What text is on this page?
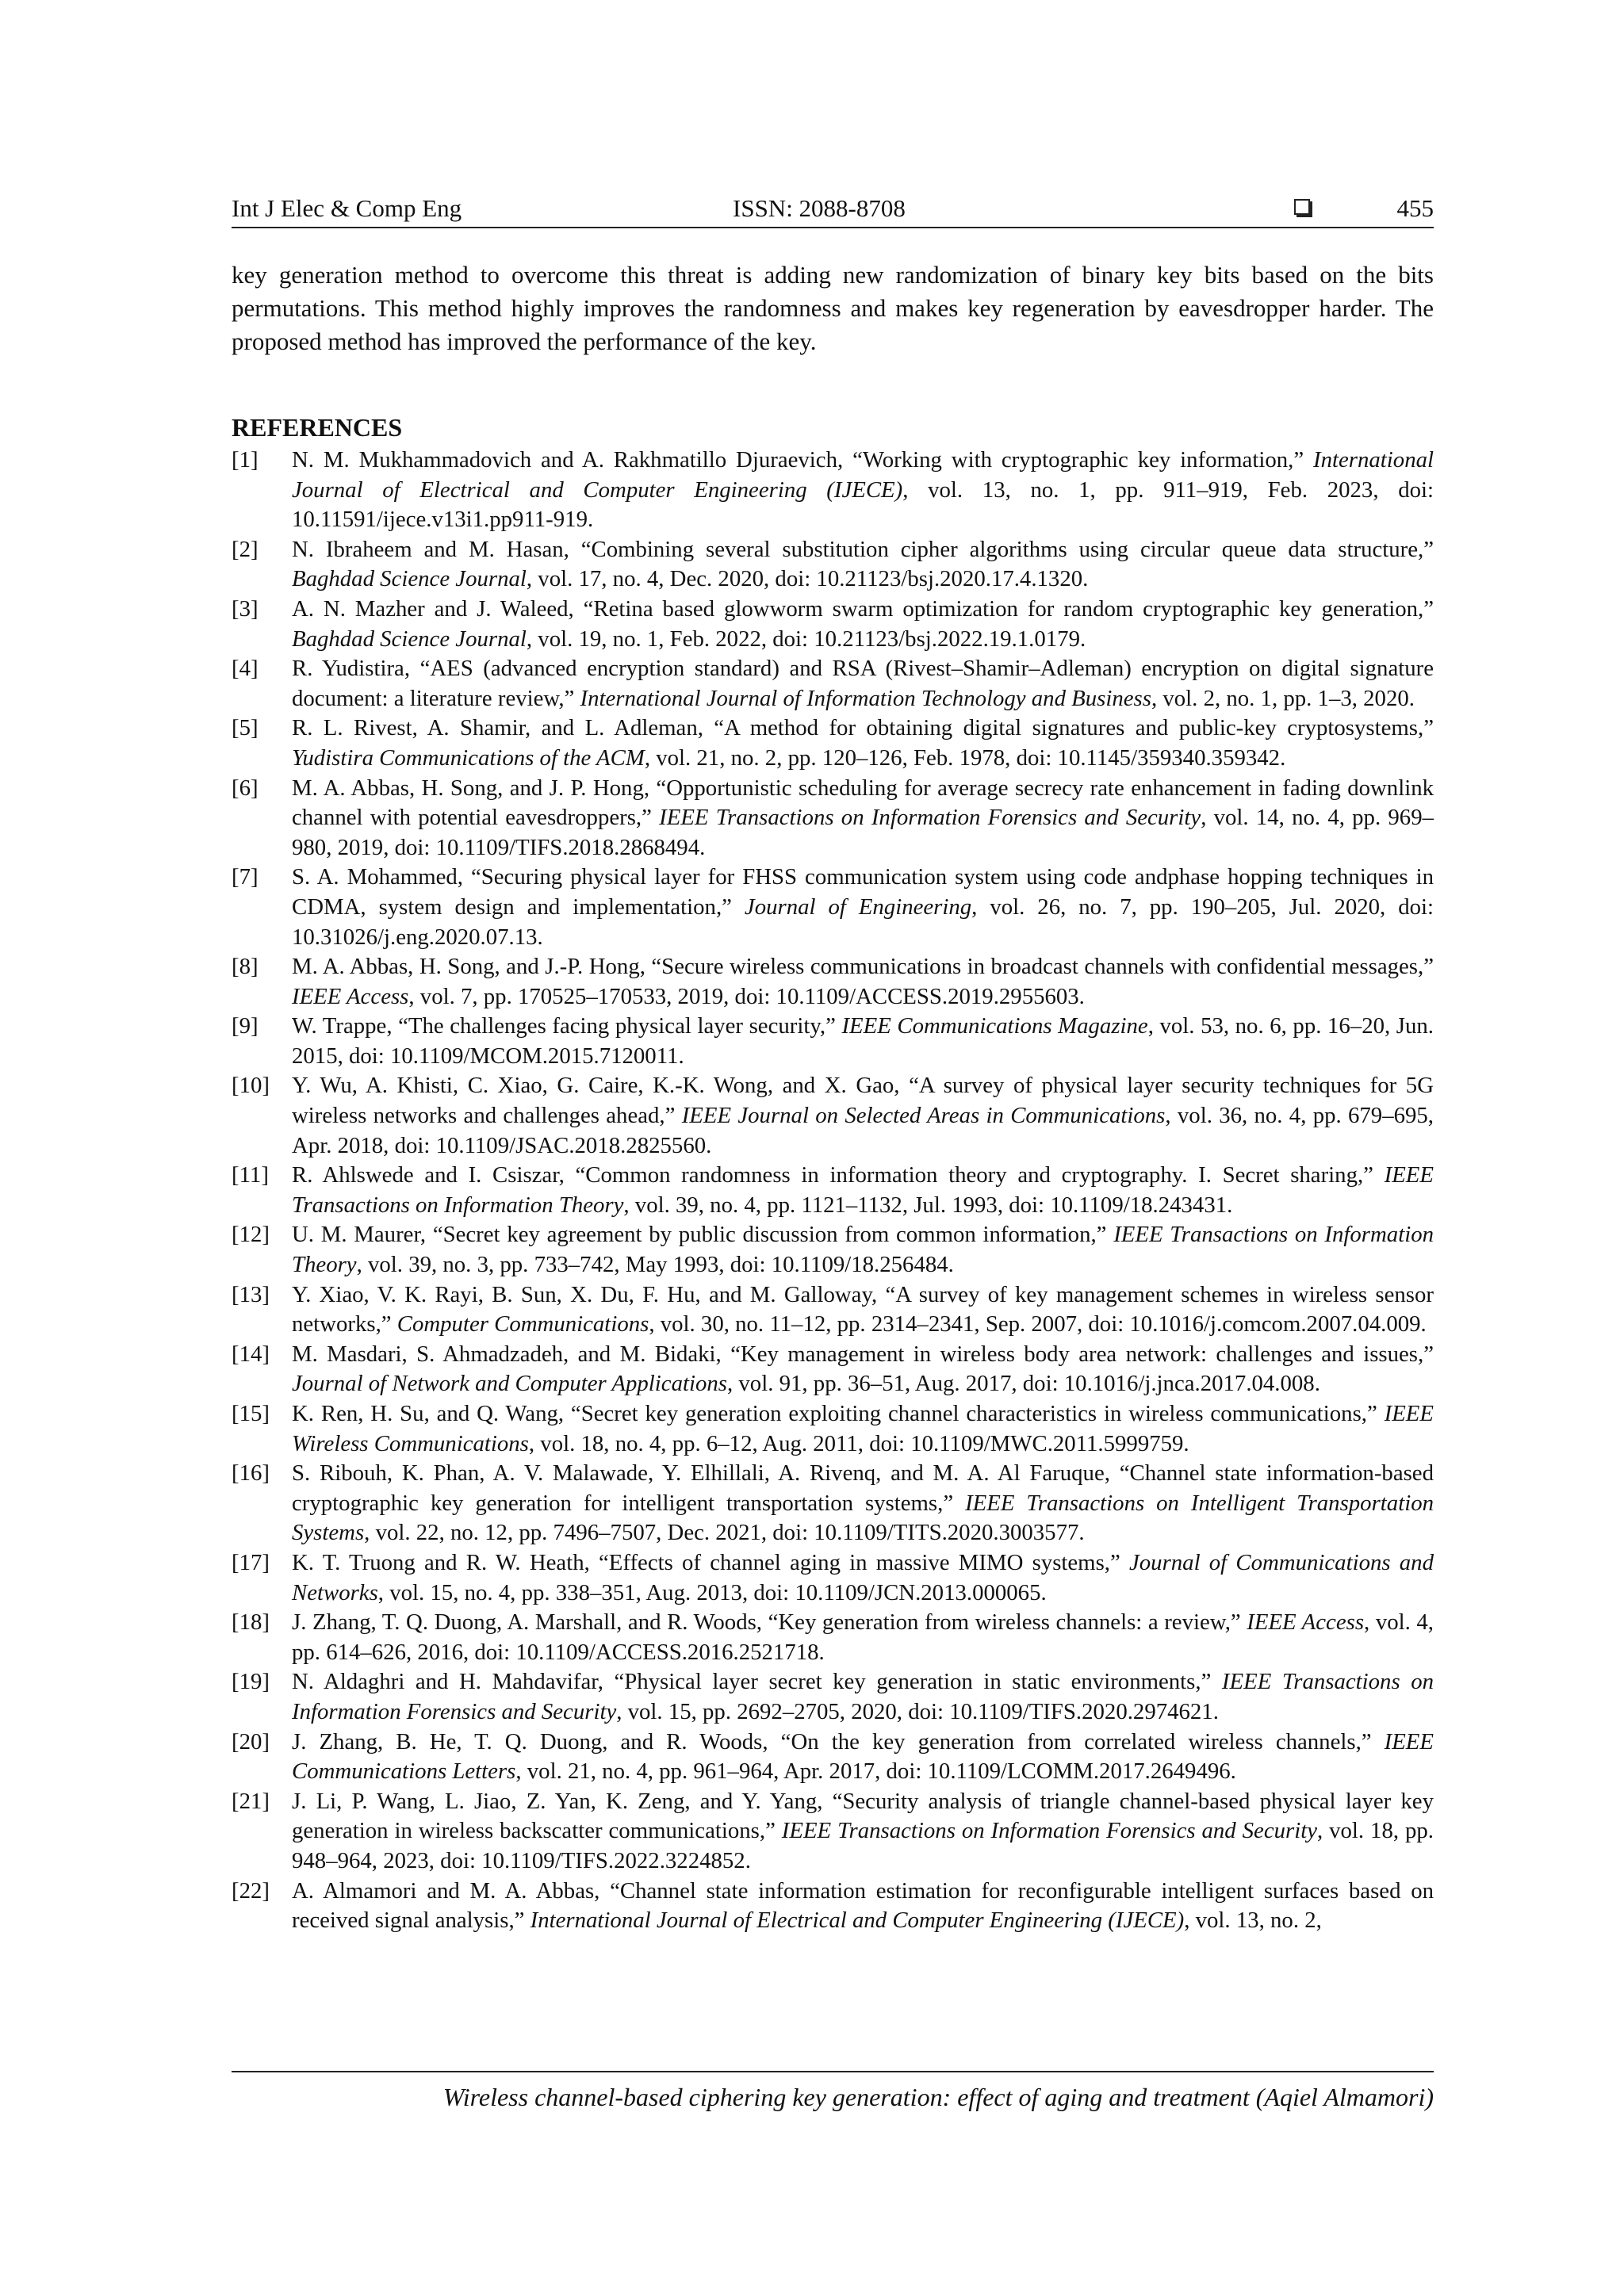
Int J Elec & Comp Eng	ISSN: 2088-8708	455

key generation method to overcome this threat is adding new randomization of binary key bits based on the bits permutations. This method highly improves the randomness and makes key regeneration by eavesdropper harder. The proposed method has improved the performance of the key.

REFERENCES
[1] N. M. Mukhammadovich and A. Rakhmatillo Djuraevich, “Working with cryptographic key information,” International Journal of Electrical and Computer Engineering (IJECE), vol. 13, no. 1, pp. 911–919, Feb. 2023, doi: 10.11591/ijece.v13i1.pp911-919.
[2] N. Ibraheem and M. Hasan, “Combining several substitution cipher algorithms using circular queue data structure,” Baghdad Science Journal, vol. 17, no. 4, Dec. 2020, doi: 10.21123/bsj.2020.17.4.1320.
[3] A. N. Mazher and J. Waleed, “Retina based glowworm swarm optimization for random cryptographic key generation,” Baghdad Science Journal, vol. 19, no. 1, Feb. 2022, doi: 10.21123/bsj.2022.19.1.0179.
[4] R. Yudistira, “AES (advanced encryption standard) and RSA (Rivest–Shamir–Adleman) encryption on digital signature document: a literature review,” International Journal of Information Technology and Business, vol. 2, no. 1, pp. 1–3, 2020.
[5] R. L. Rivest, A. Shamir, and L. Adleman, “A method for obtaining digital signatures and public-key cryptosystems,” Yudistira Communications of the ACM, vol. 21, no. 2, pp. 120–126, Feb. 1978, doi: 10.1145/359340.359342.
[6] M. A. Abbas, H. Song, and J. P. Hong, “Opportunistic scheduling for average secrecy rate enhancement in fading downlink channel with potential eavesdroppers,” IEEE Transactions on Information Forensics and Security, vol. 14, no. 4, pp. 969–980, 2019, doi: 10.1109/TIFS.2018.2868494.
[7] S. A. Mohammed, “Securing physical layer for FHSS communication system using code andphase hopping techniques in CDMA, system design and implementation,” Journal of Engineering, vol. 26, no. 7, pp. 190–205, Jul. 2020, doi: 10.31026/j.eng.2020.07.13.
[8] M. A. Abbas, H. Song, and J.-P. Hong, “Secure wireless communications in broadcast channels with confidential messages,” IEEE Access, vol. 7, pp. 170525–170533, 2019, doi: 10.1109/ACCESS.2019.2955603.
[9] W. Trappe, “The challenges facing physical layer security,” IEEE Communications Magazine, vol. 53, no. 6, pp. 16–20, Jun. 2015, doi: 10.1109/MCOM.2015.7120011.
[10] Y. Wu, A. Khisti, C. Xiao, G. Caire, K.-K. Wong, and X. Gao, “A survey of physical layer security techniques for 5G wireless networks and challenges ahead,” IEEE Journal on Selected Areas in Communications, vol. 36, no. 4, pp. 679–695, Apr. 2018, doi: 10.1109/JSAC.2018.2825560.
[11] R. Ahlswede and I. Csiszar, “Common randomness in information theory and cryptography. I. Secret sharing,” IEEE Transactions on Information Theory, vol. 39, no. 4, pp. 1121–1132, Jul. 1993, doi: 10.1109/18.243431.
[12] U. M. Maurer, “Secret key agreement by public discussion from common information,” IEEE Transactions on Information Theory, vol. 39, no. 3, pp. 733–742, May 1993, doi: 10.1109/18.256484.
[13] Y. Xiao, V. K. Rayi, B. Sun, X. Du, F. Hu, and M. Galloway, “A survey of key management schemes in wireless sensor networks,” Computer Communications, vol. 30, no. 11–12, pp. 2314–2341, Sep. 2007, doi: 10.1016/j.comcom.2007.04.009.
[14] M. Masdari, S. Ahmadzadeh, and M. Bidaki, “Key management in wireless body area network: challenges and issues,” Journal of Network and Computer Applications, vol. 91, pp. 36–51, Aug. 2017, doi: 10.1016/j.jnca.2017.04.008.
[15] K. Ren, H. Su, and Q. Wang, “Secret key generation exploiting channel characteristics in wireless communications,” IEEE Wireless Communications, vol. 18, no. 4, pp. 6–12, Aug. 2011, doi: 10.1109/MWC.2011.5999759.
[16] S. Ribouh, K. Phan, A. V. Malawade, Y. Elhillali, A. Rivenq, and M. A. Al Faruque, “Channel state information-based cryptographic key generation for intelligent transportation systems,” IEEE Transactions on Intelligent Transportation Systems, vol. 22, no. 12, pp. 7496–7507, Dec. 2021, doi: 10.1109/TITS.2020.3003577.
[17] K. T. Truong and R. W. Heath, “Effects of channel aging in massive MIMO systems,” Journal of Communications and Networks, vol. 15, no. 4, pp. 338–351, Aug. 2013, doi: 10.1109/JCN.2013.000065.
[18] J. Zhang, T. Q. Duong, A. Marshall, and R. Woods, “Key generation from wireless channels: a review,” IEEE Access, vol. 4, pp. 614–626, 2016, doi: 10.1109/ACCESS.2016.2521718.
[19] N. Aldaghri and H. Mahdavifar, “Physical layer secret key generation in static environments,” IEEE Transactions on Information Forensics and Security, vol. 15, pp. 2692–2705, 2020, doi: 10.1109/TIFS.2020.2974621.
[20] J. Zhang, B. He, T. Q. Duong, and R. Woods, “On the key generation from correlated wireless channels,” IEEE Communications Letters, vol. 21, no. 4, pp. 961–964, Apr. 2017, doi: 10.1109/LCOMM.2017.2649496.
[21] J. Li, P. Wang, L. Jiao, Z. Yan, K. Zeng, and Y. Yang, “Security analysis of triangle channel-based physical layer key generation in wireless backscatter communications,” IEEE Transactions on Information Forensics and Security, vol. 18, pp. 948–964, 2023, doi: 10.1109/TIFS.2022.3224852.
[22] A. Almamori and M. A. Abbas, “Channel state information estimation for reconfigurable intelligent surfaces based on received signal analysis,” International Journal of Electrical and Computer Engineering (IJECE), vol. 13, no. 2,
Wireless channel-based ciphering key generation: effect of aging and treatment (Aqiel Almamori)
